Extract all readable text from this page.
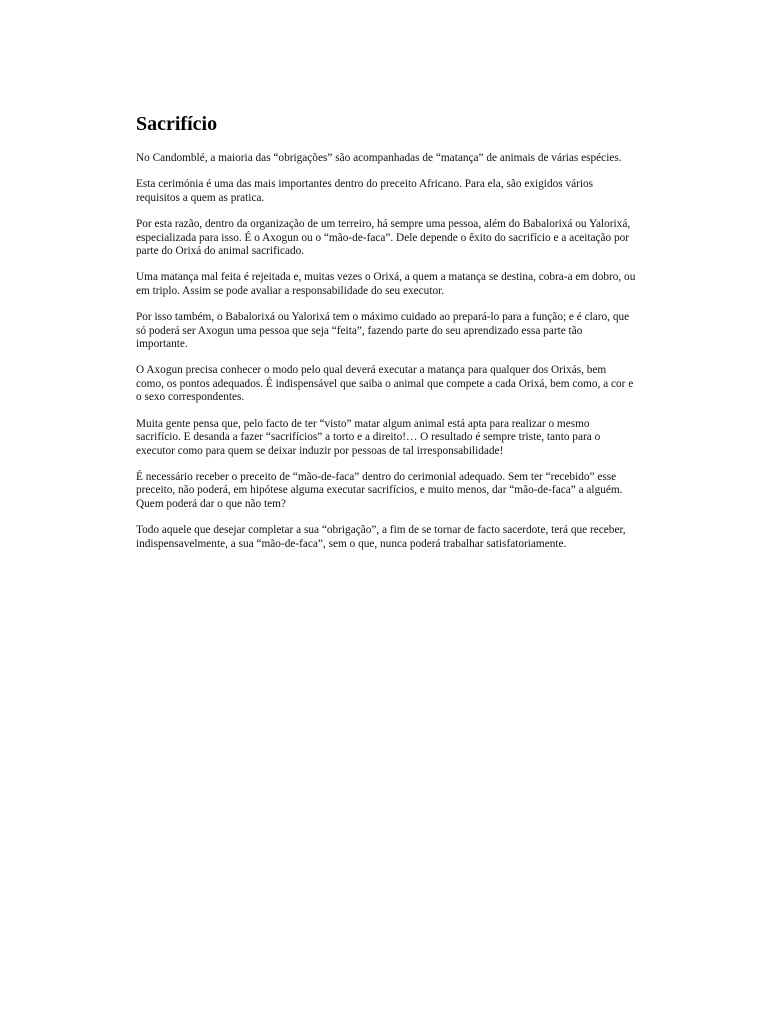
Sacrifício

No Candomblé, a maioria das “obrigações” são acompanhadas de “matança” de animais de várias espécies.

Esta cerimónia é uma das mais importantes dentro do preceito Africano. Para ela, são exigidos vários requisitos a quem as pratica.

Por esta razão, dentro da organização de um terreiro, há sempre uma pessoa, além do Babalorixá ou Yalorixá, especializada para isso. É o Axogun ou o “mão-de-faca”. Dele depende o êxito do sacrifício e a aceitação por parte do Orixá do animal sacrificado.

Uma matança mal feita é rejeitada e, muitas vezes o Orixá, a quem a matança se destina, cobra-a em dobro, ou em triplo. Assim se pode avaliar a responsabilidade do seu executor.

Por isso também, o Babalorixá ou Yalorixá tem o máximo cuidado ao prepará-lo para a função; e é claro, que só poderá ser Axogun uma pessoa que seja “feita”, fazendo parte do seu aprendizado essa parte tão importante.

O Axogun precisa conhecer o modo pelo qual deverá executar a matança para qualquer dos Orixás, bem como, os pontos adequados. É indispensável que saiba o animal que compete a cada Orixá, bem como, a cor e o sexo correspondentes.

Muita gente pensa que, pelo facto de ter “visto” matar algum animal está apta para realizar o mesmo sacrifício. E desanda a fazer “sacrifícios” a torto e a direito!… O resultado é sempre triste, tanto para o executor como para quem se deixar induzir por pessoas de tal irresponsabilidade!

É necessário receber o preceito de “mão-de-faca” dentro do cerimonial adequado. Sem ter “recebido” esse preceito, não poderá, em hipótese alguma executar sacrifícios, e muito menos, dar “mão-de-faca” a alguém. Quem poderá dar o que não tem?

Todo aquele que desejar completar a sua “obrigação”, a fim de se tornar de facto sacerdote, terá que receber, indispensavelmente, a sua “mão-de-faca”, sem o que, nunca poderá trabalhar satisfatoriamente.
